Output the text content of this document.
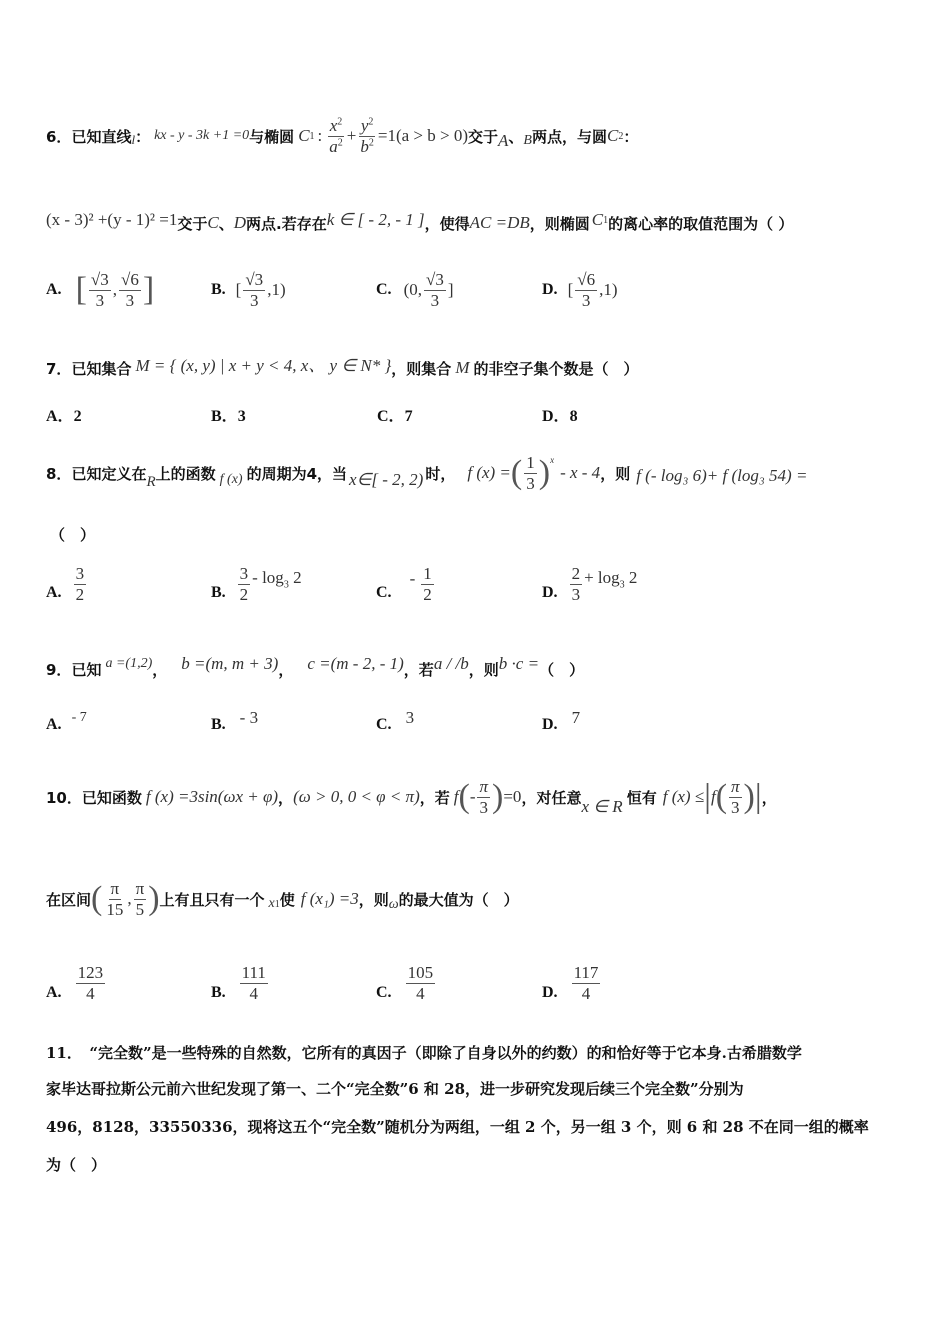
6． 已知直线 l ： kx - y - 3k +1 =0 与椭圆 C 1 : $\frac{x^2}{a^2} + \frac{y^2}{b^2} =1(a > b > 0)$ 交于 A 、 B 两点，与圆 C 2 ：
(x - 3)² +(y - 1)² =1 交于 C 、 D 两点.若存在 k ∈ [ - 2, - 1 ] ，使得 AC =DB ，则椭圆 C 1 的离心率的取值范围为（ ）
A. [ $\frac{√3}{3}$ , $\frac{√6}{3}$ ]	B. [ $\frac{√3}{3} ,1$)	C. (0, $\frac{√3}{3}$ ]	D. [ $\frac{√6}{3} ,1$)
7． 已知集合 M = { (x, y) | x + y < 4, x、 y ∈ N* } ，则集合 M 的非空子集个数是（　）
A．2	B．3	C．7	D．8
8． 已知定义在 R 上的函数 f (x) 的周期为4，当 x∈[ - 2, 2) 时， f (x) = ( $\frac{1}{3}$ ) x
- x - 4 ，则 f (- log₃ 6)+ f (log₃ 54) =
（　）
A. $\frac{3}{2}$	B. $\frac{3}{2} - \log_3 2$
C.
- $\frac{1}{2}$	D. $\frac{2}{3} + \log_3 2$
9． 已知 a =(1,2) ， b =(m, m + 3) ， c =(m - 2, - 1) ，若 a / /b ，则 b ·c = （　）
A. - 7	B. - 3	C. 3	D. 7
10． 已知函数 f (x) =3sin(ωx + φ) ， (ω > 0, 0 < φ < π) ，若 f ( - $\frac{\pi}{3}$ ) =0 ，对任意 x ∈ R 恒有 f (x) ≤ | f ( $\frac{\pi}{3}$ )| ，
在区间 ( $\frac{\pi}{15}$ , $\frac{\pi}{5}$ ) 上有且只有一个 x 1 使 f (x₁) =3 ，则 ω 的最大值为（　）
A. $\frac{123}{4}$	B. $\frac{111}{4}$	C. $\frac{105}{4}$	D. $\frac{117}{4}$
11．　“完全数”是一些特殊的自然数，它所有的真因子（即除了自身以外的约数）的和恰好等于它本身.古希腊数学
家毕达哥拉斯公元前六世纪发现了第一、二个“完全数”6 和 28，进一步研究发现后续三个完全数”分别为
496，8128，33550336，现将这五个“完全数”随机分为两组，一组 2 个，另一组 3 个，则 6 和 28 不在同一组的概率
为（　）
